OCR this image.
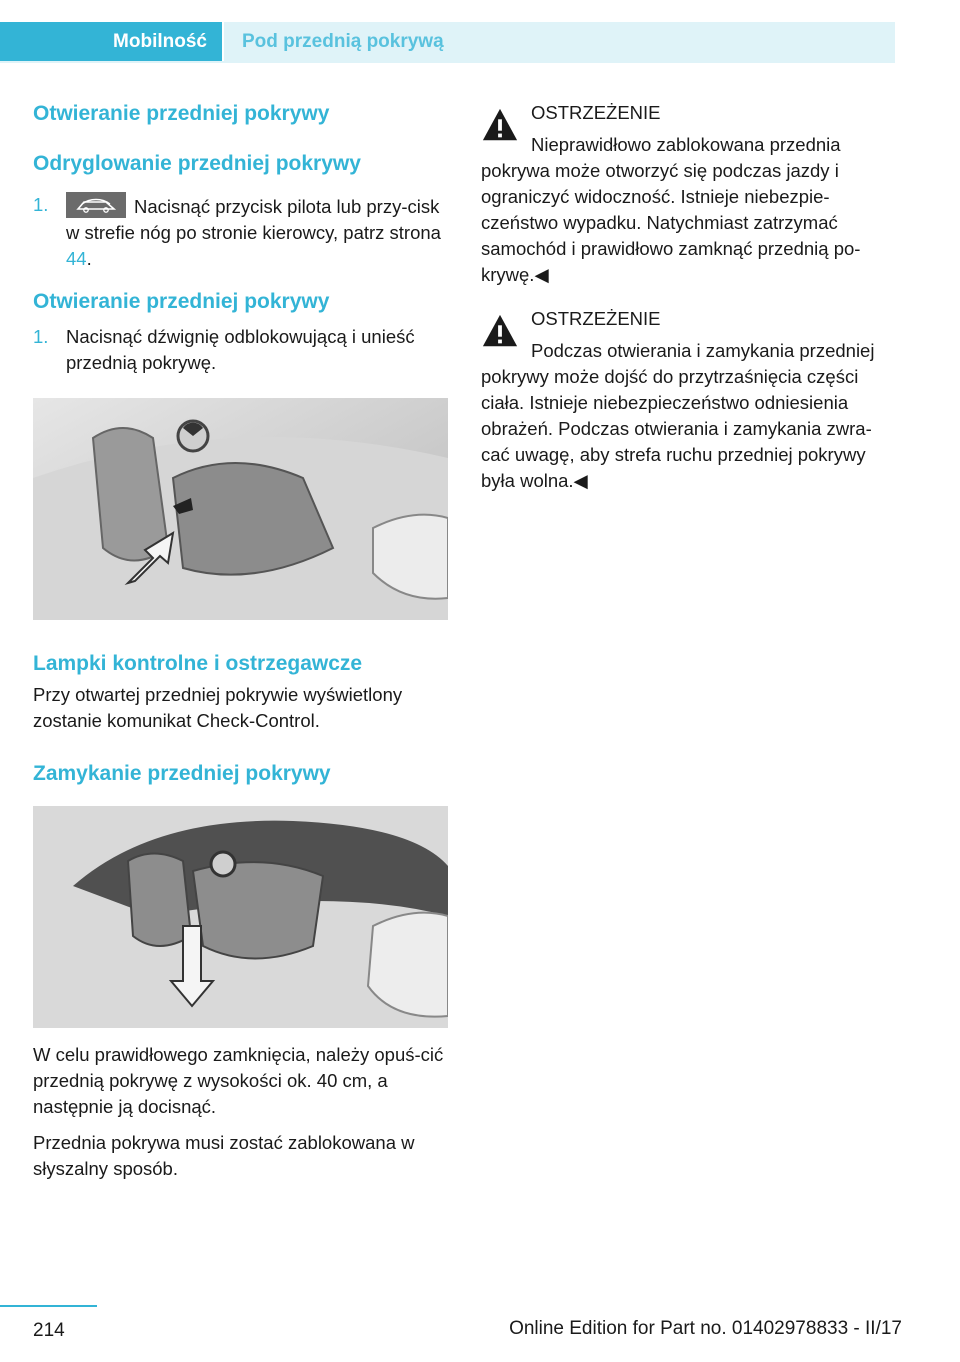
Mobilność	Pod przednią pokrywą
Otwieranie przedniej pokrywy
Odryglowanie przedniej pokrywy
1.	Nacisnąć przycisk pilota lub przy-cisk w strefie nóg po stronie kierowcy, patrz strona 44.
Otwieranie przedniej pokrywy
1. Nacisnąć dźwignię odblokowującą i unieść przednią pokrywę.
Lampki kontrolne i ostrzegawcze

Przy otwartej przedniej pokrywie wyświetlony zostanie komunikat Check-Control.

Zamykanie przedniej pokrywy

W celu prawidłowego zamknięcia, należy opuś-cić przednią pokrywę z wysokości ok. 40 cm, a następnie ją docisnąć.

Przednia pokrywa musi zostać zablokowana w słyszalny sposób.

OSTRZEŻENIE
Nieprawidłowo zablokowana przednia
pokrywa może otworzyć się podczas jazdy i ograniczyć widoczność. Istnieje niebezpie-czeństwo wypadku. Natychmiast zatrzymać samochód i prawidłowo zamknąć przednią po-krywę.◀
OSTRZEŻENIE
Podczas otwierania i zamykania przedniej
pokrywy może dojść do przytrzaśnięcia części ciała. Istnieje niebezpieczeństwo odniesienia obrażeń. Podczas otwierania i zamykania zwra-cać uwagę, aby strefa ruchu przedniej pokrywy była wolna.◀
214	Online Edition for Part no. 01402978833 - II/17
